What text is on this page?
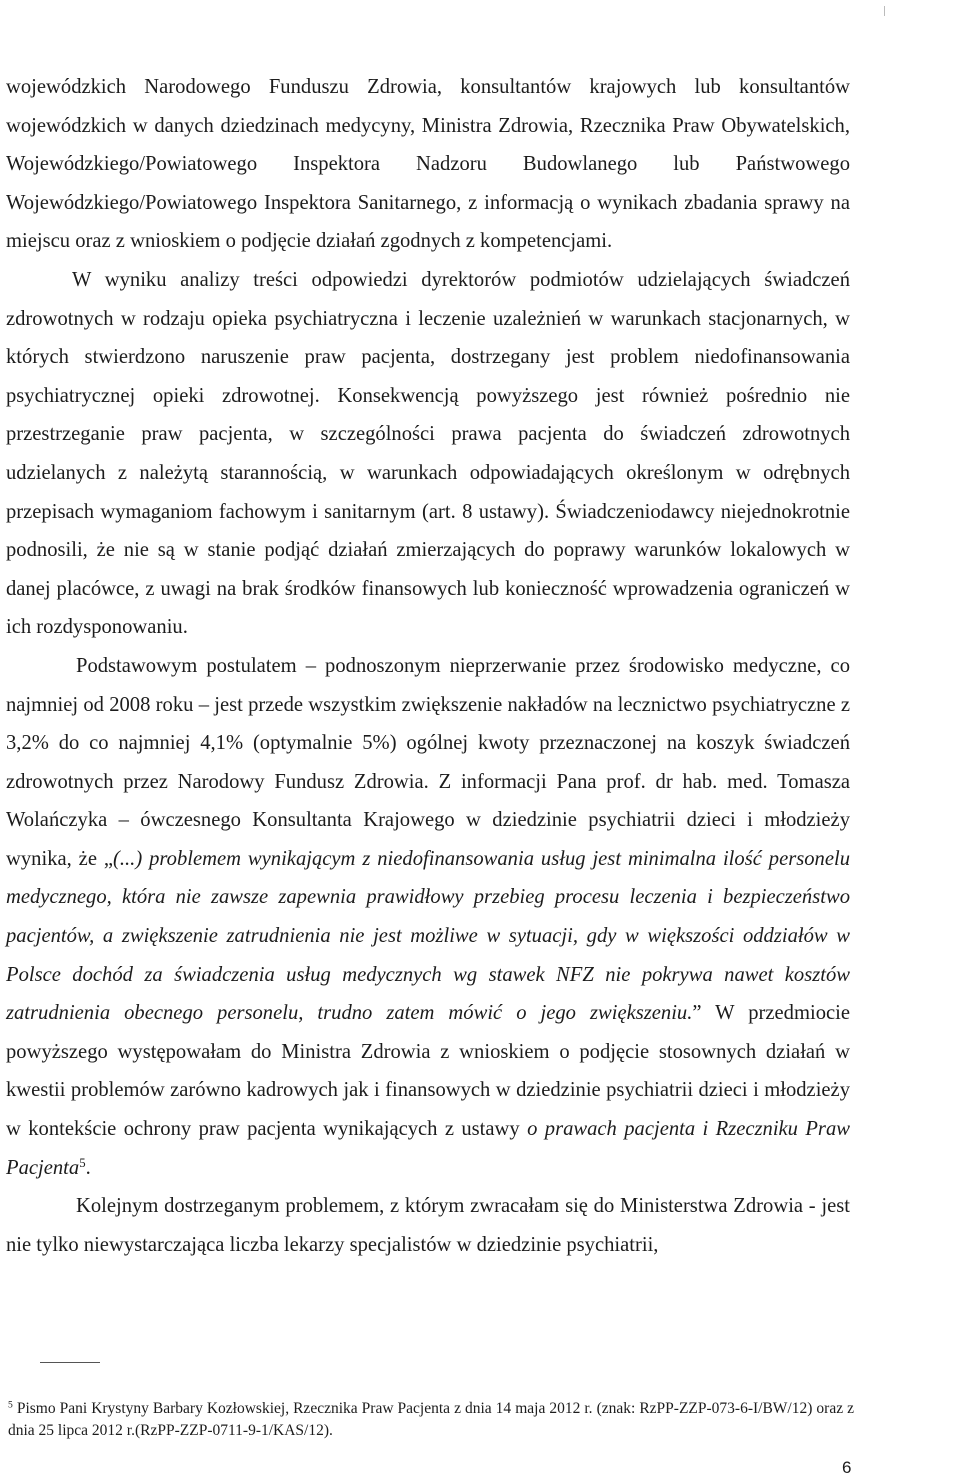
wojewódzkich Narodowego Funduszu Zdrowia, konsultantów krajowych lub konsultantów wojewódzkich w danych dziedzinach medycyny, Ministra Zdrowia, Rzecznika Praw Obywatelskich, Wojewódzkiego/Powiatowego Inspektora Nadzoru Budowlanego lub Państwowego Wojewódzkiego/Powiatowego Inspektora Sanitarnego, z informacją o wynikach zbadania sprawy na miejscu oraz z wnioskiem o podjęcie działań zgodnych z kompetencjami.

W wyniku analizy treści odpowiedzi dyrektorów podmiotów udzielających świadczeń zdrowotnych w rodzaju opieka psychiatryczna i leczenie uzależnień w warunkach stacjonarnych, w których stwierdzono naruszenie praw pacjenta, dostrzegany jest problem niedofinansowania psychiatrycznej opieki zdrowotnej. Konsekwencją powyższego jest również pośrednio nie przestrzeganie praw pacjenta, w szczególności prawa pacjenta do świadczeń zdrowotnych udzielanych z należytą starannością, w warunkach odpowiadających określonym w odrębnych przepisach wymaganiom fachowym i sanitarnym (art. 8 ustawy). Świadczeniodawcy niejednokrotnie podnosili, że nie są w stanie podjąć działań zmierzających do poprawy warunków lokalowych w danej placówce, z uwagi na brak środków finansowych lub konieczność wprowadzenia ograniczeń w ich rozdysponowaniu.

Podstawowym postulatem – podnoszonym nieprzerwanie przez środowisko medyczne, co najmniej od 2008 roku – jest przede wszystkim zwiększenie nakładów na lecznictwo psychiatryczne z 3,2% do co najmniej 4,1% (optymalnie 5%) ogólnej kwoty przeznaczonej na koszyk świadczeń zdrowotnych przez Narodowy Fundusz Zdrowia. Z informacji Pana prof. dr hab. med. Tomasza Wolańczyka – ówczesnego Konsultanta Krajowego w dziedzinie psychiatrii dzieci i młodzieży wynika, że „(...) problemem wynikającym z niedofinansowania usług jest minimalna ilość personelu medycznego, która nie zawsze zapewnia prawidłowy przebieg procesu leczenia i bezpieczeństwo pacjentów, a zwiększenie zatrudnienia nie jest możliwe w sytuacji, gdy w większości oddziałów w Polsce dochód za świadczenia usług medycznych wg stawek NFZ nie pokrywa nawet kosztów zatrudnienia obecnego personelu, trudno zatem mówić o jego zwiększeniu.” W przedmiocie powyższego występowałam do Ministra Zdrowia z wnioskiem o podjęcie stosownych działań w kwestii problemów zarówno kadrowych jak i finansowych w dziedzinie psychiatrii dzieci i młodzieży w kontekście ochrony praw pacjenta wynikających z ustawy o prawach pacjenta i Rzeczniku Praw Pacjenta$^5$.

Kolejnym dostrzeganym problemem, z którym zwracałam się do Ministerstwa Zdrowia - jest nie tylko niewystarczająca liczba lekarzy specjalistów w dziedzinie psychiatrii,

$^5$ Pismo Pani Krystyny Barbary Kozłowskiej, Rzecznika Praw Pacjenta z dnia 14 maja 2012 r. (znak: RzPP-ZZP-073-6-I/BW/12) oraz z dnia 25 lipca 2012 r.(RzPP-ZZP-0711-9-1/KAS/12).
6
